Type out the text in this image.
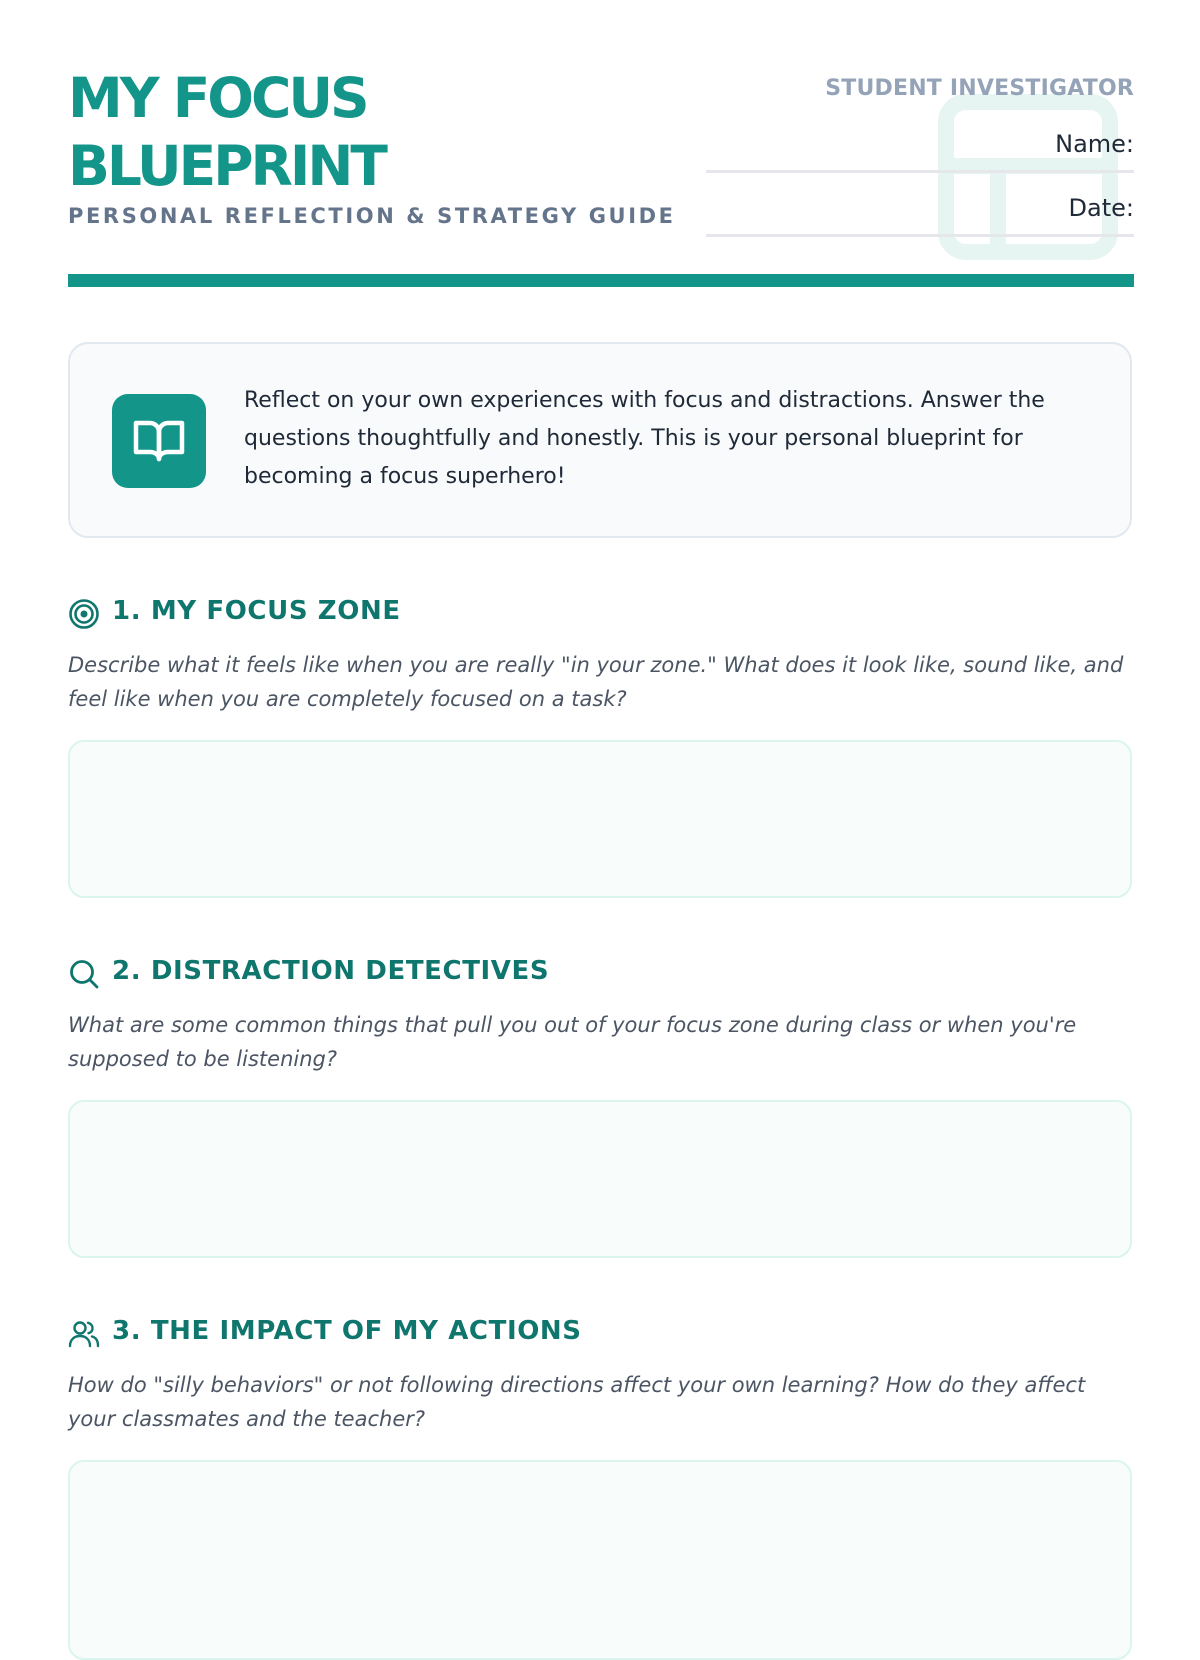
MY FOCUS
BLUEPRINT
PERSONAL REFLECTION & STRATEGY GUIDE
STUDENT INVESTIGATOR
Name:
Date:
Reflect on your own experiences with focus and distractions. Answer the questions thoughtfully and honestly. This is your personal blueprint for becoming a focus superhero!
1. MY FOCUS ZONE
Describe what it feels like when you are really "in your zone." What does it look like, sound like, and feel like when you are completely focused on a task?
2. DISTRACTION DETECTIVES
What are some common things that pull you out of your focus zone during class or when you're supposed to be listening?
3. THE IMPACT OF MY ACTIONS
How do "silly behaviors" or not following directions affect your own learning? How do they affect your classmates and the teacher?
